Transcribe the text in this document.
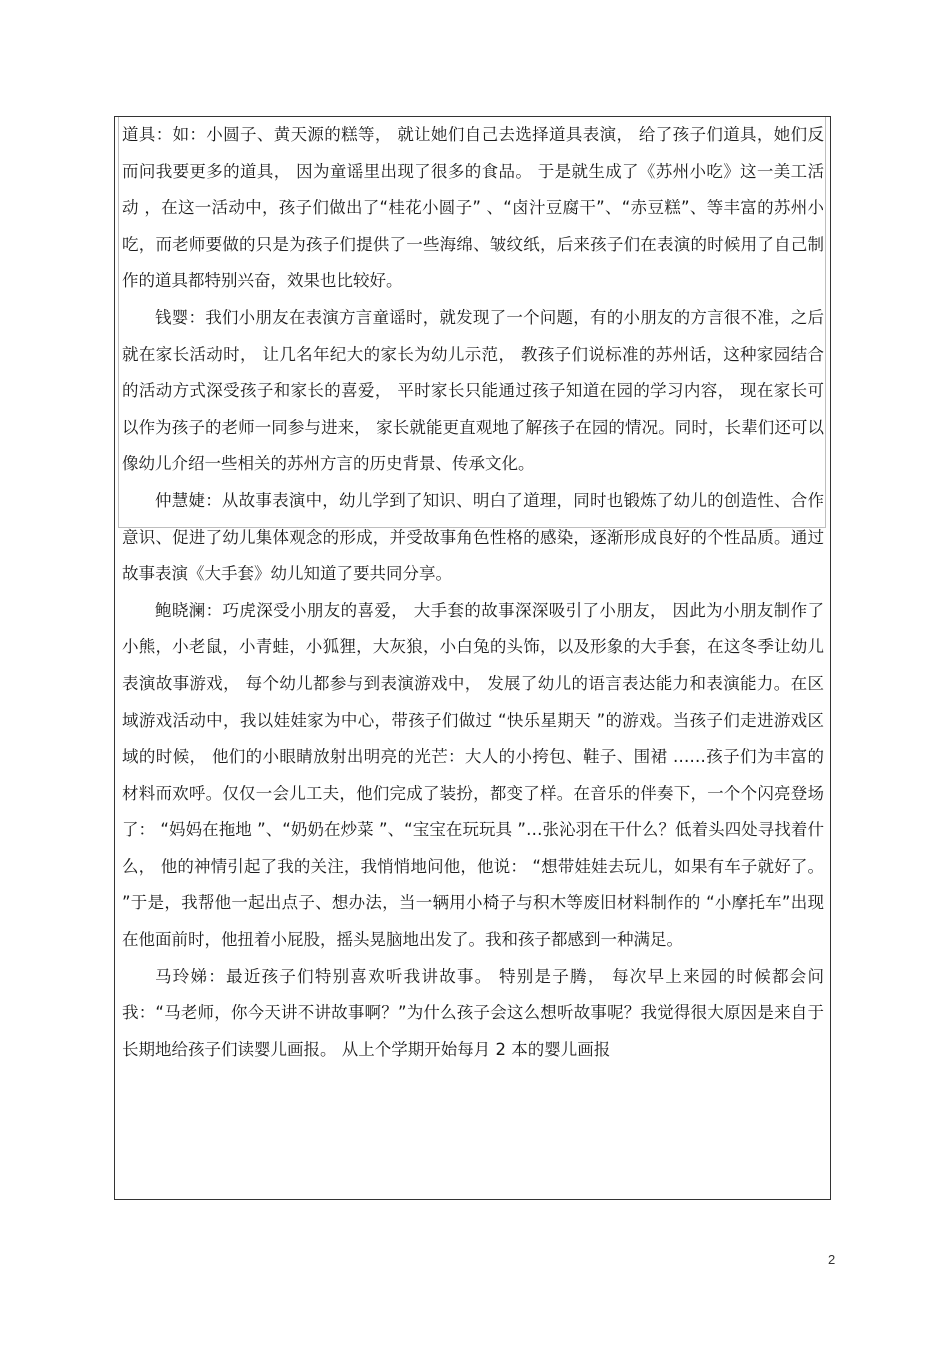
道具：如：小圆子、黄天源的糕等， 就让她们自己去选择道具表演， 给了孩子们道具，她们反而问我要更多的道具， 因为童谣里出现了很多的食品。 于是就生成了《苏州小吃》这一美工活动 ，在这一活动中，孩子们做出了“桂花小圆子” 、“卤汁豆腐干”、“赤豆糕”、等丰富的苏州小吃，而老师要做的只是为孩子们提供了一些海绵、皱纹纸，后来孩子们在表演的时候用了自己制作的道具都特别兴奋，效果也比较好。

钱婴：我们小朋友在表演方言童谣时，就发现了一个问题，有的小朋友的方言很不准，之后就在家长活动时， 让几名年纪大的家长为幼儿示范， 教孩子们说标准的苏州话，这种家园结合的活动方式深受孩子和家长的喜爱， 平时家长只能通过孩子知道在园的学习内容， 现在家长可以作为孩子的老师一同参与进来， 家长就能更直观地了解孩子在园的情况。同时，长辈们还可以像幼儿介绍一些相关的苏州方言的历史背景、传承文化。

仲慧婕：从故事表演中，幼儿学到了知识、明白了道理，同时也锻炼了幼儿的创造性、合作意识、促进了幼儿集体观念的形成，并受故事角色性格的感染，逐渐形成良好的个性品质。通过故事表演《大手套》幼儿知道了要共同分享。

鲍晓澜：巧虎深受小朋友的喜爱， 大手套的故事深深吸引了小朋友， 因此为小朋友制作了小熊，小老鼠，小青蛙，小狐狸，大灰狼，小白兔的头饰，以及形象的大手套，在这冬季让幼儿表演故事游戏， 每个幼儿都参与到表演游戏中， 发展了幼儿的语言表达能力和表演能力。在区域游戏活动中，我以娃娃家为中心，带孩子们做过 “快乐星期天 ”的游戏。当孩子们走进游戏区域的时候， 他们的小眼睛放射出明亮的光芒：大人的小挎包、鞋子、围裙 ……孩子们为丰富的材料而欢呼。仅仅一会儿工夫，他们完成了装扮，都变了样。在音乐的伴奏下，一个个闪亮登场了： “妈妈在拖地 ”、“奶奶在炒菜 ”、“宝宝在玩玩具 ”…张沁羽在干什么？低着头四处寻找着什么， 他的神情引起了我的关注，我悄悄地问他，他说： “想带娃娃去玩儿，如果有车子就好了。 ”于是，我帮他一起出点子、想办法，当一辆用小椅子与积木等废旧材料制作的 “小摩托车”出现在他面前时，他扭着小屁股，摇头晃脑地出发了。我和孩子都感到一种满足。

马玲娣：最近孩子们特别喜欢听我讲故事。 特别是子腾， 每次早上来园的时候都会问我：“马老师，你今天讲不讲故事啊？”为什么孩子会这么想听故事呢？我觉得很大原因是来自于长期地给孩子们读婴儿画报。 从上个学期开始每月 2 本的婴儿画报

2
